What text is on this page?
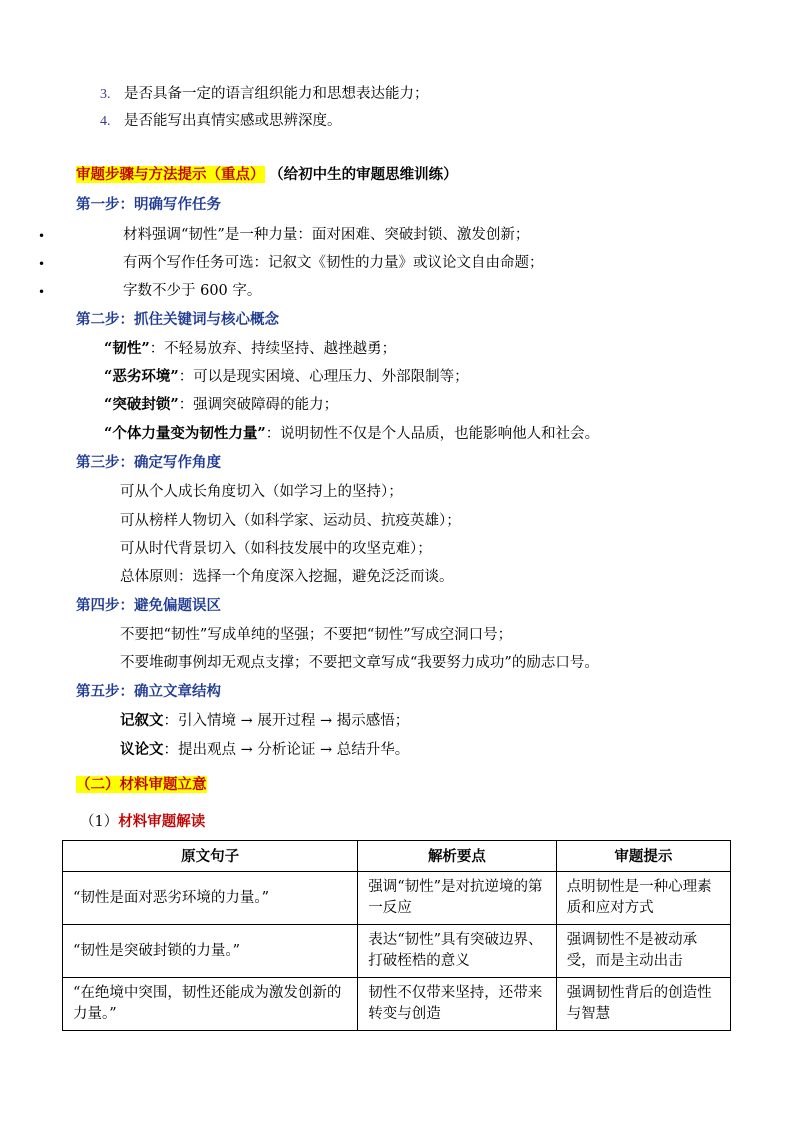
3. 是否具备一定的语言组织能力和思想表达能力；
4. 是否能写出真情实感或思辨深度。
审题步骤与方法提示（重点） （给初中生的审题思维训练）
第一步：明确写作任务
•	材料强调“韧性”是一种力量：面对困难、突破封锁、激发创新；
•	有两个写作任务可选：记叙文《韧性的力量》或议论文自由命题；
•	字数不少于 600 字。
第二步：抓住关键词与核心概念
“韧性”：不轻易放弃、持续坚持、越挫越勇；
“恶劣环境”：可以是现实困境、心理压力、外部限制等；
“突破封锁”：强调突破障碍的能力；
“个体力量变为韧性力量”：说明韧性不仅是个人品质，也能影响他人和社会。
第三步：确定写作角度
可从个人成长角度切入（如学习上的坚持）；
可从榜样人物切入（如科学家、运动员、抗疫英雄）；
可从时代背景切入（如科技发展中的攻坚克难）；
总体原则：选择一个角度深入挖掘，避免泛泛而谈。
第四步：避免偏题误区
不要把“韧性”写成单纯的坚强；不要把“韧性”写成空洞口号；
不要堆砌事例却无观点支撑；不要把文章写成“我要努力成功”的励志口号。
第五步：确立文章结构
记叙文：引入情境 → 展开过程 → 揭示感悟；
议论文：提出观点 → 分析论证 → 总结升华。
（二）材料审题立意
（1）材料审题解读
原文句子	解析要点	审题提示
“韧性是面对恶劣环境的力量。”	强调“韧性”是对抗逆境的第一反应	点明韧性是一种心理素质和应对方式
“韧性是突破封锁的力量。”	表达“韧性”具有突破边界、打破桎梏的意义	强调韧性不是被动承受，而是主动出击
“在绝境中突围，韧性还能成为激发创新的力量。”	韧性不仅带来坚持，还带来转变与创造	强调韧性背后的创造性与智慧
